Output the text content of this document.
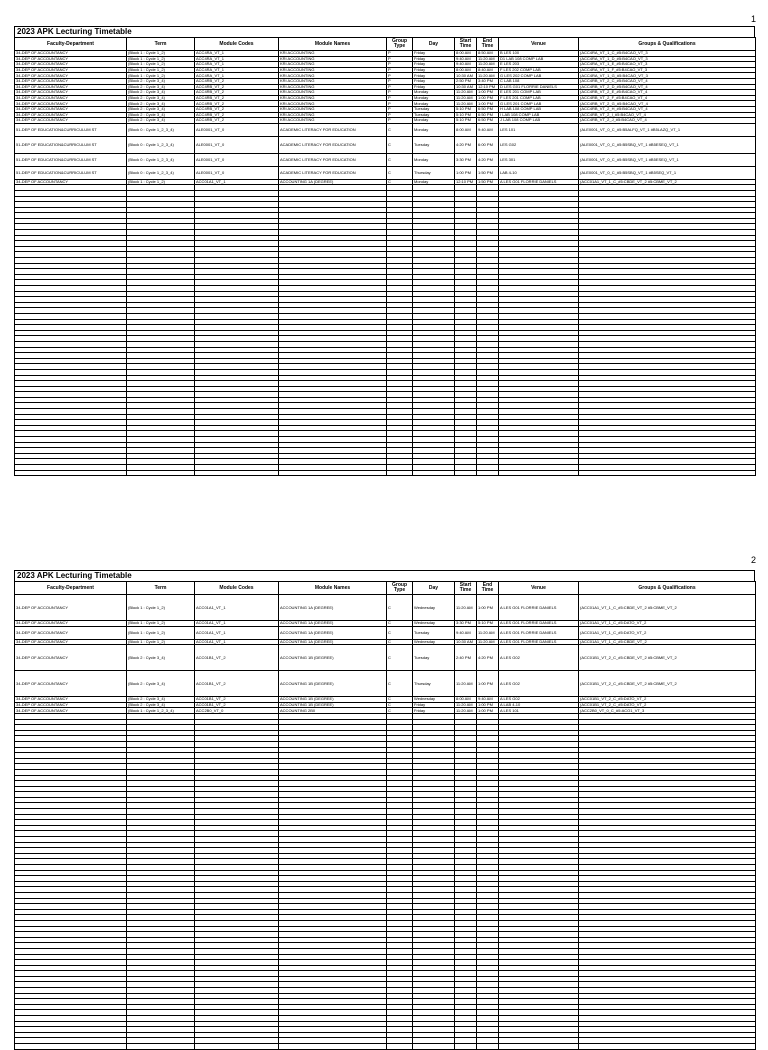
1
2023 APK Lecturing Timetable
Faculty-Department	Term	Module Codes	Module Names	Group Type	Day	Start Time	End Time	Venue	Groups & Qualifications
34-DEP OF ACCOUNTANCY	(Block 1 : Cycle 1_2)	ACC4RA_VT_1	KRI ACCOUNTING	P	Friday	8:00 AM	8:50 AM	B LES 100	(ACC4RA_VT_1_C_#5:B4CAO_VT_3
34-DEP OF ACCOUNTANCY	(Block 1 : Cycle 1_2)	ACC4RA_VT_1	KRI ACCOUNTING	P	Friday	9:40 AM	11:20 AM	D1 LAB 108 COMP LAB	(ACC4RA_VT_1_D_#5:B4CAO_VT_3
34-DEP OF ACCOUNTANCY	(Block 1 : Cycle 1_2)	ACC4RA_VT_1	KRI ACCOUNTING	P	Friday	9:40 AM	11:20 AM	E LES 203	(ACC4RA_VT_1_E_#5:B4CAO_VT_3
34-DEP OF ACCOUNTANCY	(Block 1 : Cycle 1_2)	ACC4RA_VT_1	KRI ACCOUNTING	P	Friday	8:00 AM	8:40 AM	F LES 202 COMP LAB	(ACC4RA_VT_1_F_#5:B4CAO_VT_3
34-DEP OF ACCOUNTANCY	(Block 1 : Cycle 1_2)	ACC4RA_VT_1	KRI ACCOUNTING	P	Friday	10:30 AM	11:20 AM	G LES 202 COMP LAB	(ACC4RA_VT_1_G_#5:B4CAO_VT_3
34-DEP OF ACCOUNTANCY	(Block 2 : Cycle 3_4)	ACC4RB_VT_2	KRI ACCOUNTING	P	Friday	2:50 PM	3:40 PM	C LAB 108	(ACC4RB_VT_2_C_#5:B4CAO_VT_4
34-DEP OF ACCOUNTANCY	(Block 2 : Cycle 3_4)	ACC4RB_VT_2	KRI ACCOUNTING	P	Friday	10:30 AM	12:10 PM	D LES G01 FLORRIE DANIELS	(ACC4RB_VT_2_D_#5:B4CAO_VT_4
34-DEP OF ACCOUNTANCY	(Block 2 : Cycle 3_4)	ACC4RB_VT_2	KRI ACCOUNTING	P	Monday	11:20 AM	1:00 PM	E LES 201 COMP LAB	(ACC4RB_VT_2_E_#5:B4CAO_VT_4
34-DEP OF ACCOUNTANCY	(Block 2 : Cycle 3_4)	ACC4RB_VT_2	KRI ACCOUNTING	P	Monday	11:20 AM	1:00 PM	F LES 201 COMP LAB	(ACC4RB_VT_2_F_#5:B4CAO_VT_4
34-DEP OF ACCOUNTANCY	(Block 2 : Cycle 3_4)	ACC4RB_VT_2	KRI ACCOUNTING	P	Monday	11:20 AM	1:00 PM	G LES 201 COMP LAB	(ACC4RB_VT_2_G_#5:B4CAO_VT_4
34-DEP OF ACCOUNTANCY	(Block 2 : Cycle 3_4)	ACC4RB_VT_2	KRI ACCOUNTING	P	Tuesday	5:10 PM	6:50 PM	H LAB 108 COMP LAB	(ACC4RB_VT_2_H_#5:B4CAO_VT_4
34-DEP OF ACCOUNTANCY	(Block 2 : Cycle 3_4)	ACC4RB_VT_2	KRI ACCOUNTING	P	Tuesday	5:10 PM	6:50 PM	I LAB 108 COMP LAB	(ACC4RB_VT_2_I_#5:B4CAO_VT_4
34-DEP OF ACCOUNTANCY	(Block 2 : Cycle 3_4)	ACC4RB_VT_2	KRI ACCOUNTING	P	Monday	5:10 PM	6:50 PM	J LAB 108 COMP LAB	(ACC4RB_VT_2_J_#5:B4CAO_VT_4
51-DEP OF EDUCATION&CURRICULUM ST	(Block 0 : Cycle 1_2_3_4)	ALE0001_VT_0	ACADEMIC LITERACY FOR EDUCATION	C	Monday	8:00 AM	9:40 AM	LES 101	(ALE0001_VT_0_C_#5:B5ALFQ_VT_1 #B5LAZQ_VT_1
51-DEP OF EDUCATION&CURRICULUM ST	(Block 0 : Cycle 1_2_3_4)	ALE0001_VT_0	ACADEMIC LITERACY FOR EDUCATION	C	Tuesday	4:20 PM	6:00 PM	LES G02	(ALE0001_VT_0_C_#5:B5SBQ_VT_1 #B5ESEQ_VT_1
51-DEP OF EDUCATION&CURRICULUM ST	(Block 0 : Cycle 1_2_3_4)	ALE0001_VT_0	ACADEMIC LITERACY FOR EDUCATION	C	Monday	3:30 PM	4:20 PM	LES 301	(ALE0001_VT_0_C_#5:B5SBQ_VT_1 #B5ESEQ_VT_1
51-DEP OF EDUCATION&CURRICULUM ST	(Block 0 : Cycle 1_2_3_4)	ALE0001_VT_0	ACADEMIC LITERACY FOR EDUCATION	C	Thursday	1:00 PM	1:50 PM	LAB 4-10	(ALE0001_VT_0_C_#5:B5SBQ_VT_1 #B5SEQ_VT_1
34-DEP OF ACCOUNTANCY	(Block 1 : Cycle 1_2)	ACC01A1_VT_1	ACCOUNTING 1A (DEGREE)	C	Monday	12:10 PM	1:50 PM	A LES G01 FLORRIE DANIELS	(ACC01A1_VT_1_C_#5:CBDE_VT_2 #5:CBME_VT_2

2
2023 APK Lecturing Timetable
Faculty-Department	Term	Module Codes	Module Names	Group Type	Day	Start Time	End Time	Venue	Groups & Qualifications
34-DEP OF ACCOUNTANCY	(Block 1 : Cycle 1_2)	ACC01A1_VT_1	ACCOUNTING 1A (DEGREE)	C	Wednesday	11:20 AM	1:00 PM	A LES G01 FLORRIE DANIELS	(ACC01A1_VT_1_C_#5:CBDE_VT_2 #5:CBME_VT_2
34-DEP OF ACCOUNTANCY	(Block 1 : Cycle 1_2)	ACC01A1_VT_1	ACCOUNTING 1A (DEGREE)	C	Wednesday	3:30 PM	5:10 PM	A LES G01 FLORRIE DANIELS	(ACC01A1_VT_1_C_#5:DATO_VT_2
34-DEP OF ACCOUNTANCY	(Block 1 : Cycle 1_2)	ACC01A1_VT_1	ACCOUNTING 1A (DEGREE)	C	Tuesday	9:40 AM	11:20 AM	A LES G01 FLORRIE DANIELS	(ACC01A1_VT_1_C_#5:DATO_VT_2
34-DEP OF ACCOUNTANCY	(Block 1 : Cycle 1_2)	ACC01A1_VT_1	ACCOUNTING 1A (DEGREE)	C	Wednesday	10:30 AM	11:20 AM	A LES G01 FLORRIE DANIELS	(ACC01A1_VT_1_C_#5:CBDE_VT_2
34-DEP OF ACCOUNTANCY	(Block 2 : Cycle 3_4)	ACC01B1_VT_2	ACCOUNTING 1B (DEGREE)	C	Tuesday	2:40 PM	4:20 PM	A LES G02	(ACC01B1_VT_2_C_#5:CBDE_VT_2 #5:CBME_VT_2
34-DEP OF ACCOUNTANCY	(Block 2 : Cycle 3_4)	ACC01B1_VT_2	ACCOUNTING 1B (DEGREE)	C	Thursday	11:20 AM	1:00 PM	A LES G02	(ACC01B1_VT_2_C_#5:CBDE_VT_2 #5:CBME_VT_2
34-DEP OF ACCOUNTANCY	(Block 2 : Cycle 3_4)	ACC01B1_VT_2	ACCOUNTING 1B (DEGREE)	C	Wednesday	8:00 AM	9:40 AM	A LES G02	(ACC01B1_VT_2_C_#5:DATO_VT_2
34-DEP OF ACCOUNTANCY	(Block 2 : Cycle 3_4)	ACC01B1_VT_2	ACCOUNTING 1B (DEGREE)	C	Friday	11:20 AM	1:00 PM	A LAB 4-10	(ACC01B1_VT_2_C_#5:DATO_VT_2
34-DEP OF ACCOUNTANCY	(Block 1 : Cycle 1_2_3_4)	ACC2B0_VT_0	ACCOUNTING 2B0	C	Friday	11:20 AM	1:00 PM	A LES 101	(ACC2B0_VT_0_C_#5:ACO1_VT_3
